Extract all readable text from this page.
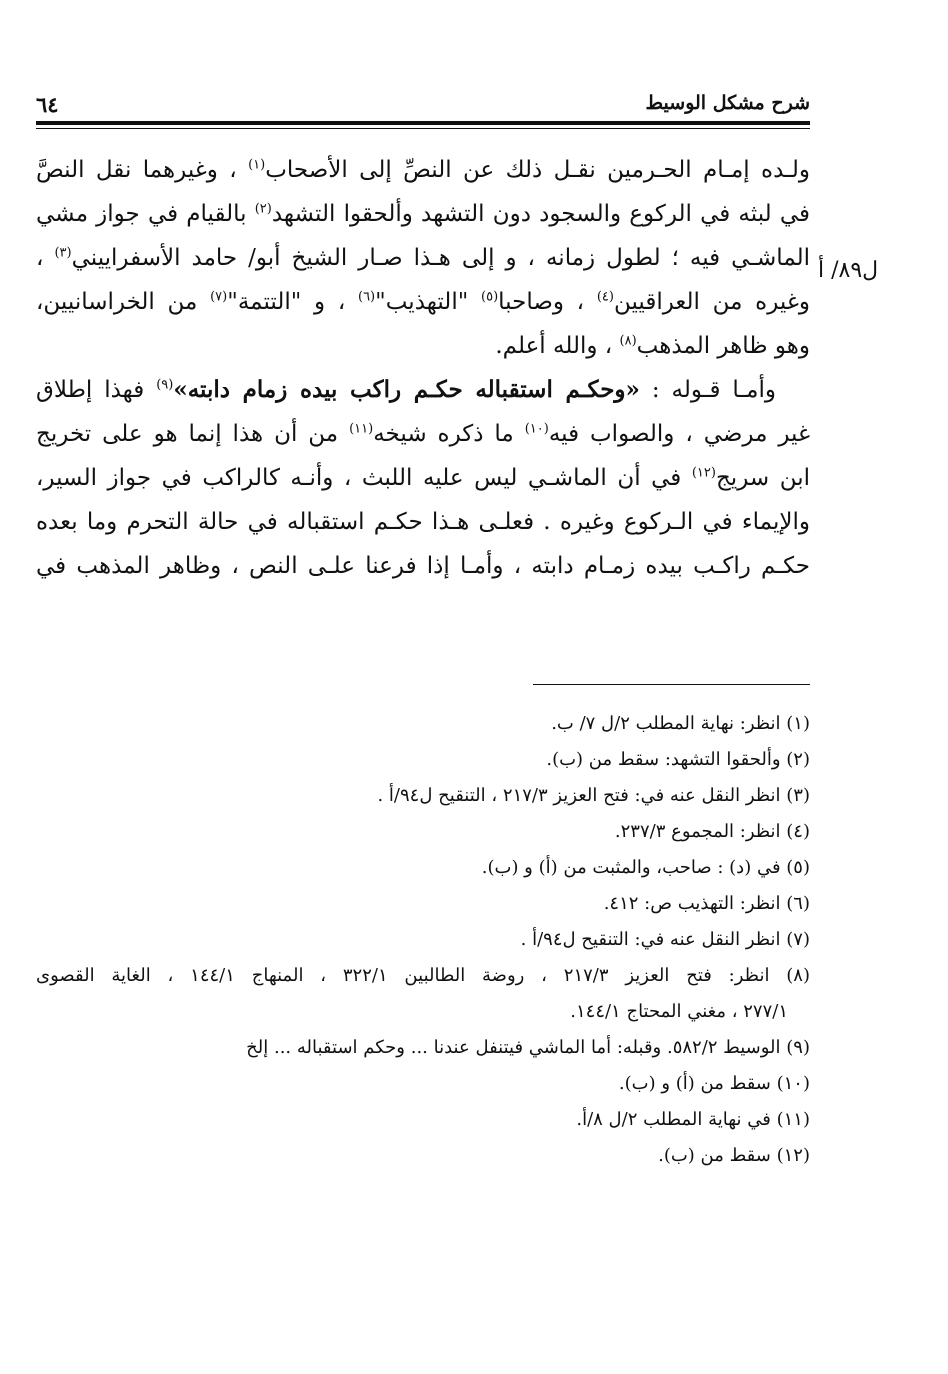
شرح مشكل الوسيط
٦٤
ل٨٩/ أ
ولـده إمـام الحـرمين نقـل ذلك عن النصِّ إلى الأصحاب$^{(١)}$ ، وغيرهما نقل النصَّ
في لبثه في الركوع والسجود دون التشهد وألحقوا التشهد$^{(٢)}$ بالقيام في جواز مشي
الماشـي فيه ؛ لطول زمانه ، و إلى هـذا صـار الشيخ أبو/ حامد الأسفراييني$^{(٣)}$ ،
وغيره من العراقيين$^{(٤)}$ ، وصاحبا$^{(٥)}$ "التهذيب"$^{(٦)}$ ، و "التتمة"$^{(٧)}$ من الخراسانيين،
وهو ظاهر المذهب$^{(٨)}$ ، والله أعلم.
وأمـا قـوله : «وحكـم استقباله حكـم راكب بيده زمام دابته»$^{(٩)}$ فهذا إطلاق
غير مرضي ، والصواب فيه$^{(١٠)}$ ما ذكره شيخه$^{(١١)}$ من أن هذا إنما هو على تخريج
ابن سريج$^{(١٢)}$ في أن الماشـي ليس عليه اللبث ، وأنـه كالراكب في جواز السير،
والإيماء في الـركوع وغيره . فعلـى هـذا حكـم استقباله في حالة التحرم وما بعده
حكـم راكـب بيده زمـام دابته ، وأمـا إذا فرعنا علـى النص ، وظاهر المذهب في
(١) انظر: نهاية المطلب ٢/ل ٧/ ب.
(٢) وألحقوا التشهد: سقط من (ب).
(٣) انظر النقل عنه في: فتح العزيز ٢١٧/٣ ، التنقيح ل٩٤/أ .
(٤) انظر: المجموع ٢٣٧/٣.
(٥) في (د) : صاحب، والمثبت من (أ) و (ب).
(٦) انظر: التهذيب ص: ٤١٢.
(٧) انظر النقل عنه في: التنقيح ل٩٤/أ .
(٨) انظر: فتح العزيز ٢١٧/٣ ، روضة الطالبين ٣٢٢/١ ، المنهاج ١٤٤/١ ، الغاية القصوى
٢٧٧/١ ، مغني المحتاج ١٤٤/١.
(٩) الوسيط ٥٨٢/٢. وقبله: أما الماشي فيتنفل عندنا ... وحكم استقباله ... إلخ
(١٠) سقط من (أ) و (ب).
(١١) في نهاية المطلب ٢/ل ٨/أ.
(١٢) سقط من (ب).
